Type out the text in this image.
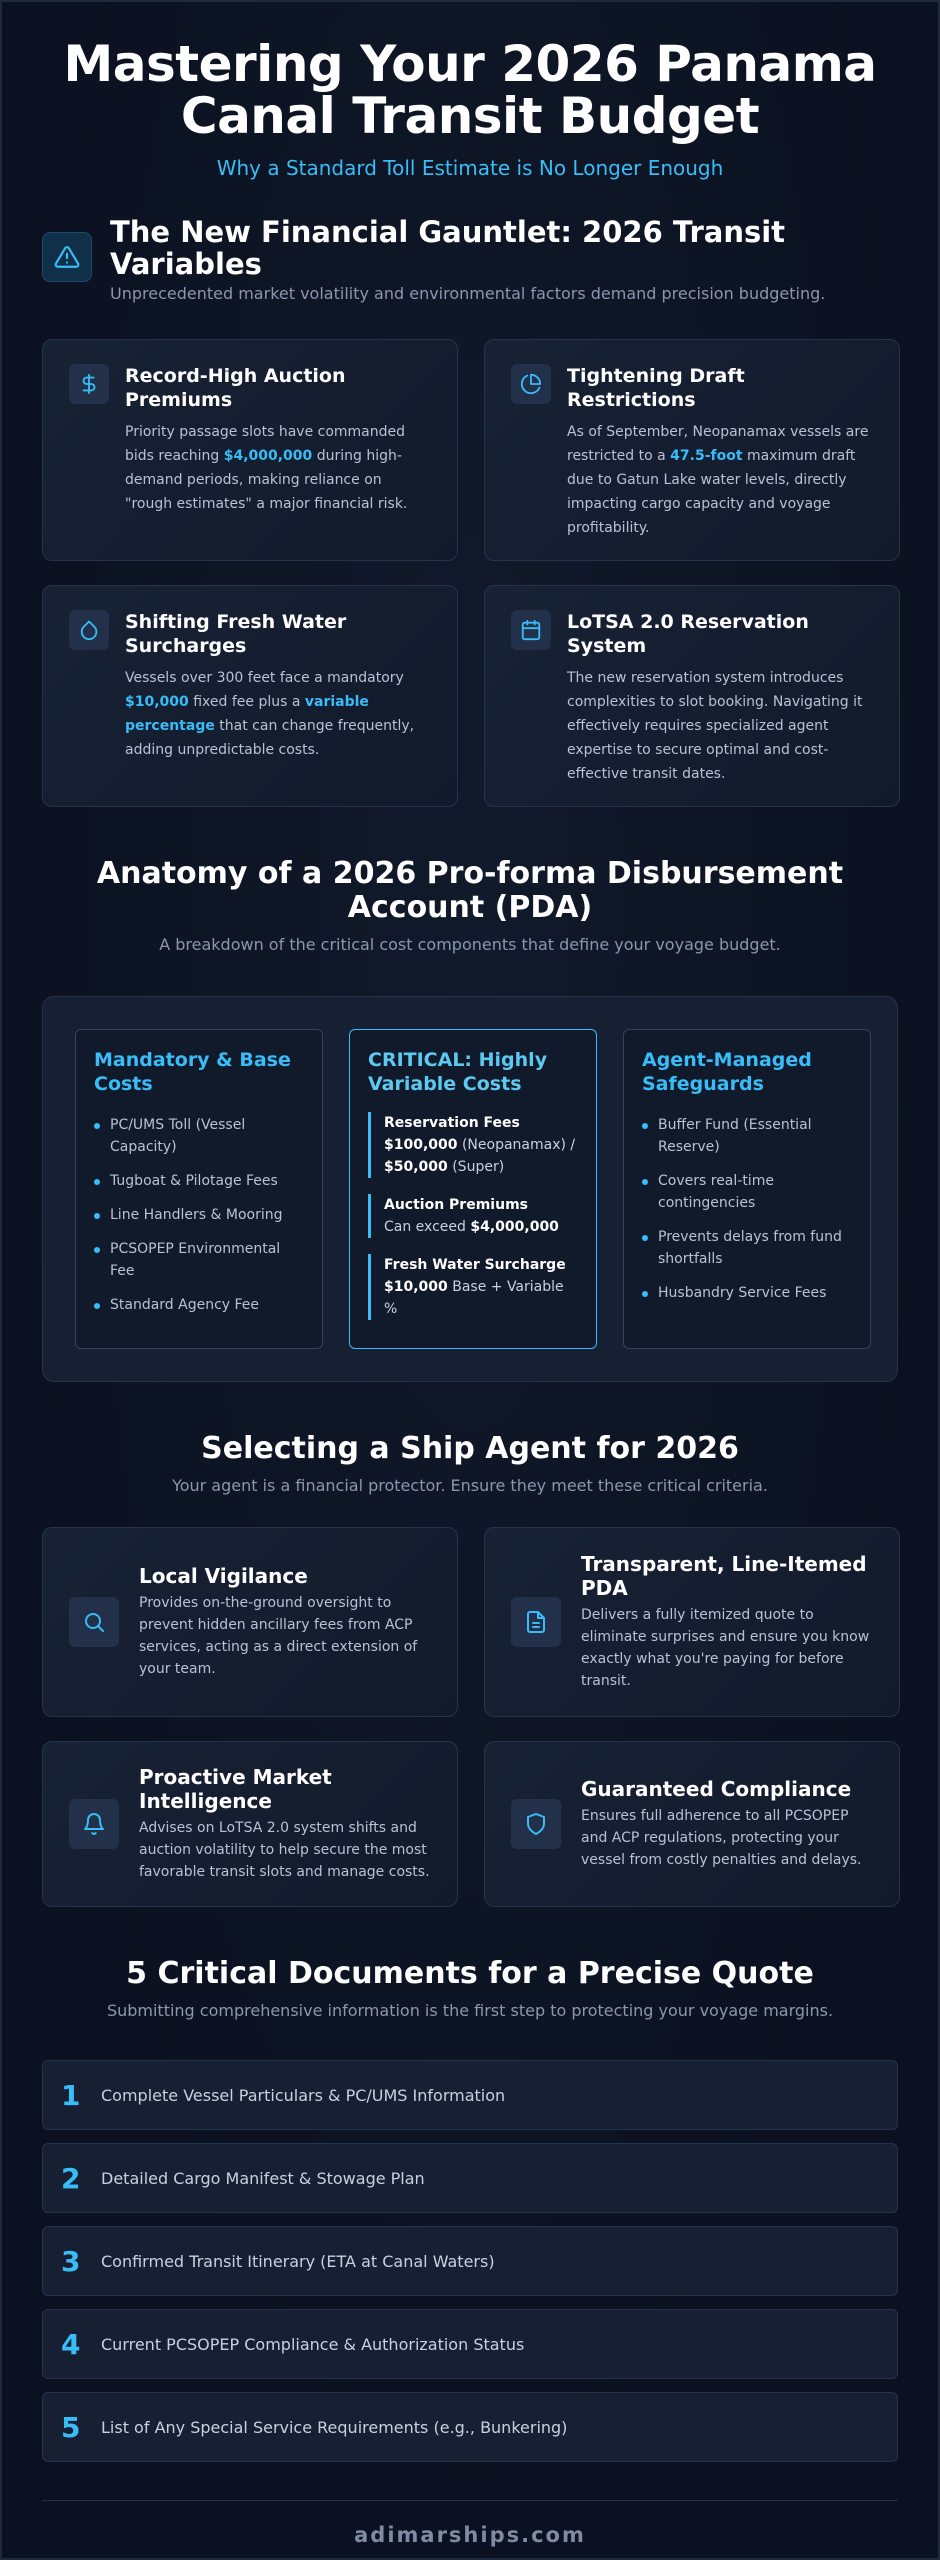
Mastering Your 2026 Panama
Canal Transit Budget
Why a Standard Toll Estimate is No Longer Enough
The New Financial Gauntlet: 2026 Transit Variables
Unprecedented market volatility and environmental factors demand precision budgeting.
Record-High Auction Premiums

Priority passage slots have commanded bids reaching $4,000,000 during high-demand periods, making reliance on "rough estimates" a major financial risk.

Tightening Draft Restrictions

As of September, Neopanamax vessels are restricted to a 47.5-foot maximum draft due to Gatun Lake water levels, directly impacting cargo capacity and voyage profitability.

Shifting Fresh Water Surcharges

Vessels over 300 feet face a mandatory $10,000 fixed fee plus a variable percentage that can change frequently, adding unpredictable costs.

LoTSA 2.0 Reservation System

The new reservation system introduces complexities to slot booking. Navigating it effectively requires specialized agent expertise to secure optimal and cost-effective transit dates.

Anatomy of a 2026 Pro-forma Disbursement Account (PDA)
A breakdown of the critical cost components that define your voyage budget.
Mandatory & Base Costs
PC/UMS Toll (Vessel Capacity)
Tugboat & Pilotage Fees
Line Handlers & Mooring
PCSOPEP Environmental Fee
Standard Agency Fee
CRITICAL: Highly Variable Costs
Reservation Fees
$100,000 (Neopanamax) / $50,000 (Super)
Auction Premiums
Can exceed $4,000,000
Fresh Water Surcharge
$10,000 Base + Variable %
Agent-Managed Safeguards
Buffer Fund (Essential Reserve)
Covers real-time contingencies
Prevents delays from fund shortfalls
Husbandry Service Fees
Selecting a Ship Agent for 2026
Your agent is a financial protector. Ensure they meet these critical criteria.
Local Vigilance

Provides on-the-ground oversight to prevent hidden ancillary fees from ACP services, acting as a direct extension of your team.

Transparent, Line-Itemed PDA

Delivers a fully itemized quote to eliminate surprises and ensure you know exactly what you're paying for before transit.

Proactive Market Intelligence

Advises on LoTSA 2.0 system shifts and auction volatility to help secure the most favorable transit slots and manage costs.

Guaranteed Compliance

Ensures full adherence to all PCSOPEP and ACP regulations, protecting your vessel from costly penalties and delays.

5 Critical Documents for a Precise Quote
Submitting comprehensive information is the first step to protecting your voyage margins.
1	Complete Vessel Particulars & PC/UMS Information
2	Detailed Cargo Manifest & Stowage Plan
3	Confirmed Transit Itinerary (ETA at Canal Waters)
4	Current PCSOPEP Compliance & Authorization Status
5	List of Any Special Service Requirements (e.g., Bunkering)
adimarships.com
